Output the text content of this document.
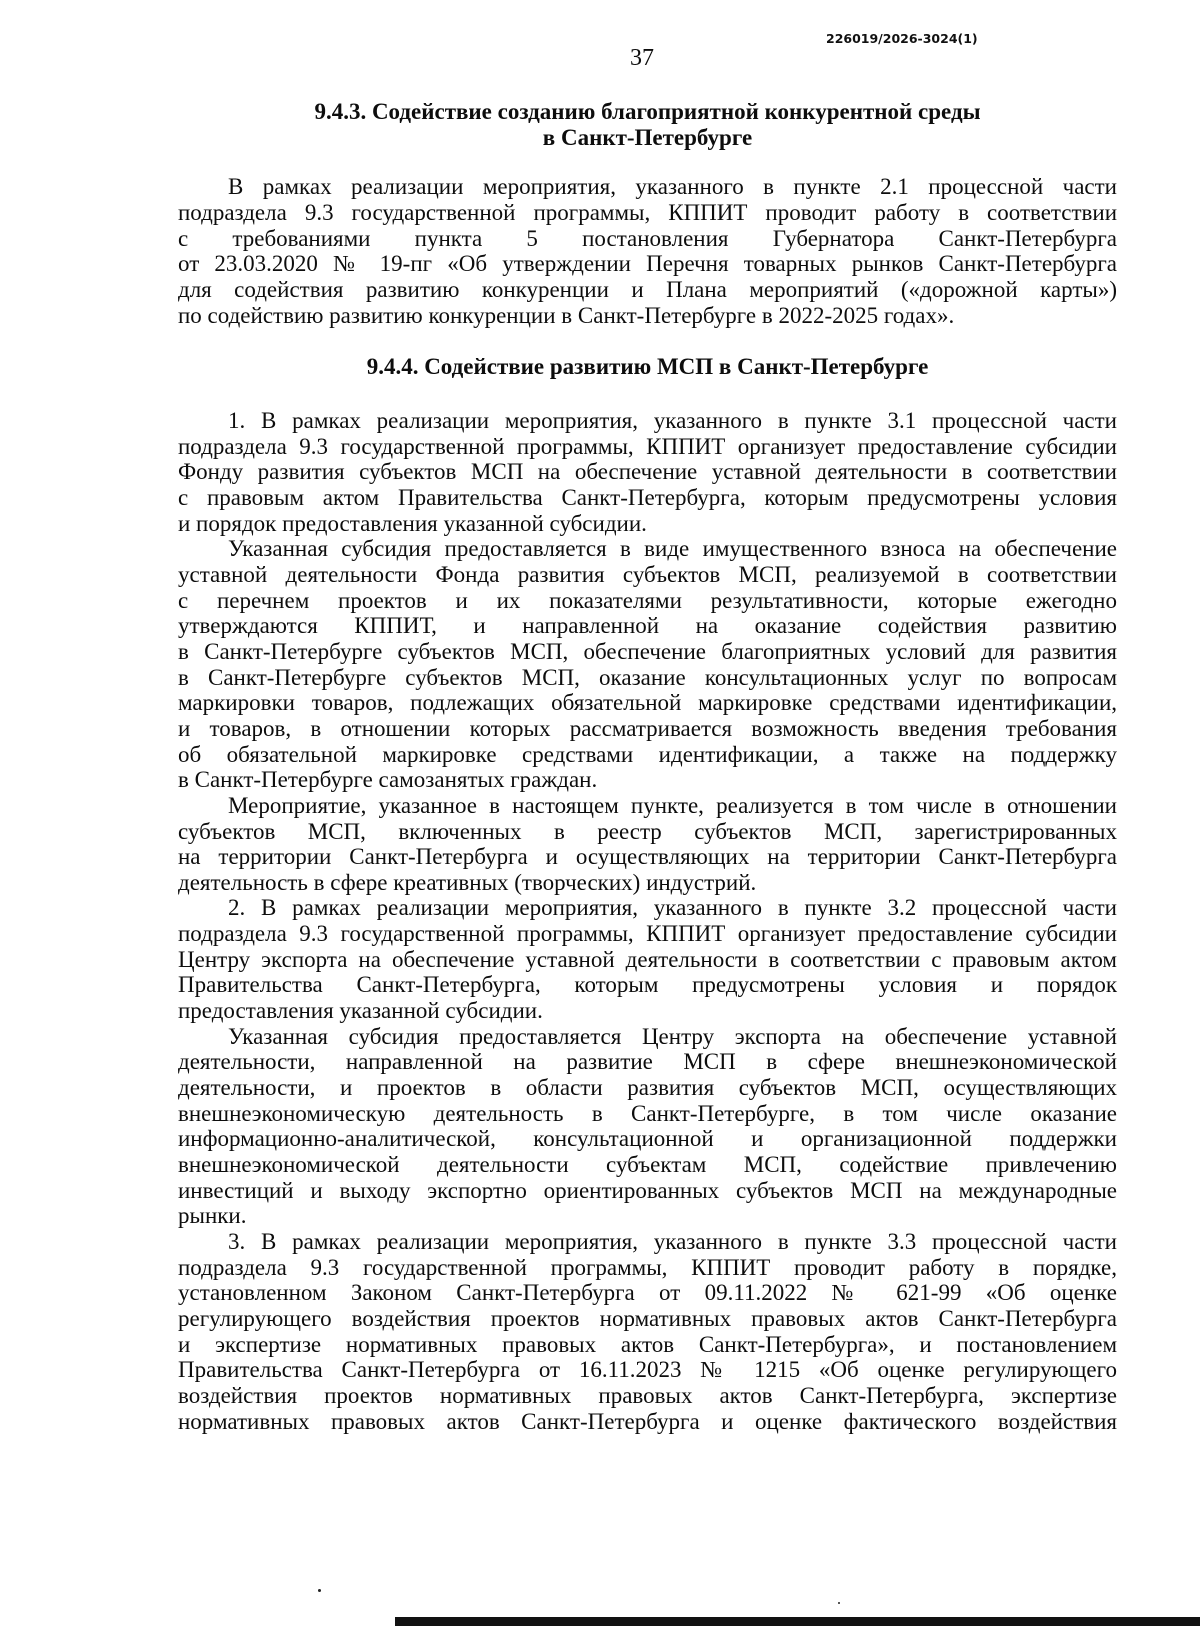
226019/2026-3024(1)
37
9.4.3. Содействие созданию благоприятной конкурентной среды
в Санкт-Петербурге
В рамках реализации мероприятия, указанного в пункте 2.1 процессной части
подраздела 9.3 государственной программы, КППИТ проводит работу в соответствии
с требованиями пункта 5 постановления Губернатора Санкт-Петербурга
от 23.03.2020 № 19-пг «Об утверждении Перечня товарных рынков Санкт-Петербурга
для содействия развитию конкуренции и Плана мероприятий («дорожной карты»)
по содействию развитию конкуренции в Санкт-Петербурге в 2022-2025 годах».
9.4.4. Содействие развитию МСП в Санкт-Петербурге
1. В рамках реализации мероприятия, указанного в пункте 3.1 процессной части
подраздела 9.3 государственной программы, КППИТ организует предоставление субсидии
Фонду развития субъектов МСП на обеспечение уставной деятельности в соответствии
с правовым актом Правительства Санкт-Петербурга, которым предусмотрены условия
и порядок предоставления указанной субсидии.
Указанная субсидия предоставляется в виде имущественного взноса на обеспечение
уставной деятельности Фонда развития субъектов МСП, реализуемой в соответствии
с перечнем проектов и их показателями результативности, которые ежегодно
утверждаются КППИТ, и направленной на оказание содействия развитию
в Санкт-Петербурге субъектов МСП, обеспечение благоприятных условий для развития
в Санкт-Петербурге субъектов МСП, оказание консультационных услуг по вопросам
маркировки товаров, подлежащих обязательной маркировке средствами идентификации,
и товаров, в отношении которых рассматривается возможность введения требования
об обязательной маркировке средствами идентификации, а также на поддержку
в Санкт-Петербурге самозанятых граждан.
Мероприятие, указанное в настоящем пункте, реализуется в том числе в отношении
субъектов МСП, включенных в реестр субъектов МСП, зарегистрированных
на территории Санкт-Петербурга и осуществляющих на территории Санкт-Петербурга
деятельность в сфере креативных (творческих) индустрий.
2. В рамках реализации мероприятия, указанного в пункте 3.2 процессной части
подраздела 9.3 государственной программы, КППИТ организует предоставление субсидии
Центру экспорта на обеспечение уставной деятельности в соответствии с правовым актом
Правительства Санкт-Петербурга, которым предусмотрены условия и порядок
предоставления указанной субсидии.
Указанная субсидия предоставляется Центру экспорта на обеспечение уставной
деятельности, направленной на развитие МСП в сфере внешнеэкономической
деятельности, и проектов в области развития субъектов МСП, осуществляющих
внешнеэкономическую деятельность в Санкт-Петербурге, в том числе оказание
информационно-аналитической, консультационной и организационной поддержки
внешнеэкономической деятельности субъектам МСП, содействие привлечению
инвестиций и выходу экспортно ориентированных субъектов МСП на международные
рынки.
3. В рамках реализации мероприятия, указанного в пункте 3.3 процессной части
подраздела 9.3 государственной программы, КППИТ проводит работу в порядке,
установленном Законом Санкт-Петербурга от 09.11.2022 № 621-99 «Об оценке
регулирующего воздействия проектов нормативных правовых актов Санкт-Петербурга
и экспертизе нормативных правовых актов Санкт-Петербурга», и постановлением
Правительства Санкт-Петербурга от 16.11.2023 № 1215 «Об оценке регулирующего
воздействия проектов нормативных правовых актов Санкт-Петербурга, экспертизе
нормативных правовых актов Санкт-Петербурга и оценке фактического воздействия
